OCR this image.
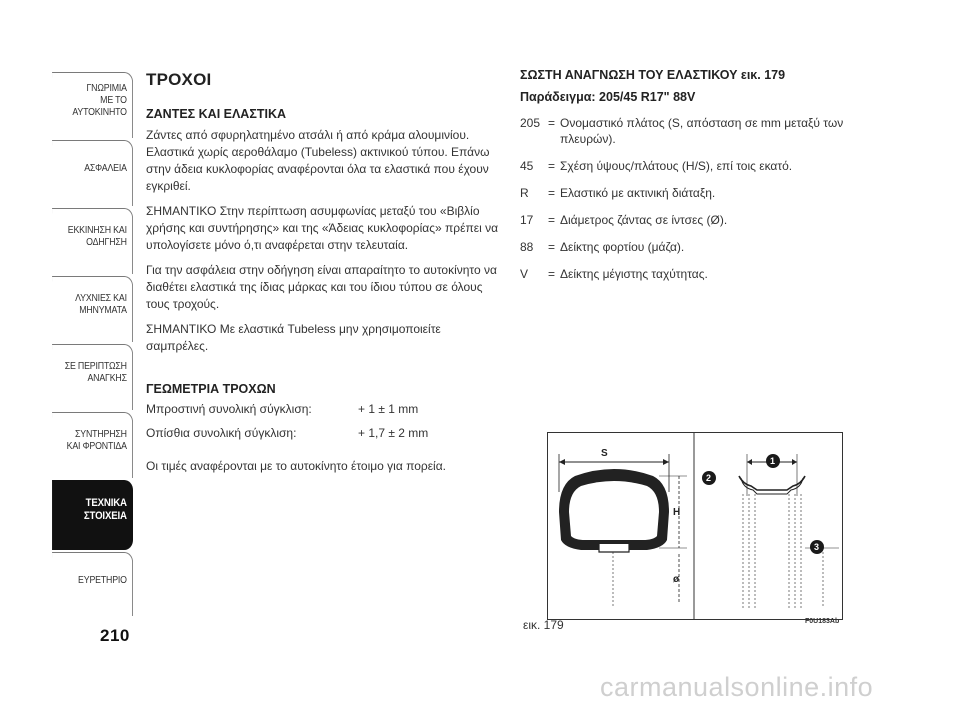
ΓΝΩΡΙΜΙΑ
ΜΕ ΤΟ
ΑΥΤΟΚΙΝΗΤΟ
ΑΣΦΑΛΕΙΑ
ΕΚΚΙΝΗΣΗ ΚΑΙ
ΟΔΗΓΗΣΗ
ΛΥΧΝΙΕΣ ΚΑΙ
ΜΗΝΥΜΑΤΑ
ΣΕ ΠΕΡΙΠΤΩΣΗ
ΑΝΑΓΚΗΣ
ΣΥΝΤΗΡΗΣΗ
ΚΑΙ ΦΡΟΝΤΙΔΑ
ΤΕΧΝΙΚΑ
ΣΤΟΙΧΕΙΑ
ΕΥΡΕΤΗΡΙΟ
210
ΤΡΟΧΟΙ
ΖΑΝΤΕΣ ΚΑΙ ΕΛΑΣΤΙΚΑ

Ζάντες από σφυρηλατημένο ατσάλι ή από κράμα αλουμινίου. Ελαστικά χωρίς αεροθάλαμο (Tubeless) ακτινικού τύπου. Επάνω στην άδεια κυκλοφορίας αναφέρονται όλα τα ελαστικά που έχουν εγκριθεί.

ΣΗΜΑΝΤΙΚΟ Στην περίπτωση ασυμφωνίας μεταξύ του «Βιβλίο χρήσης και συντήρησης» και της «Άδειας κυκλοφορίας» πρέπει να υπολογίσετε μόνο ό,τι αναφέρεται στην τελευταία.

Για την ασφάλεια στην οδήγηση είναι απαραίτητο το αυτοκίνητο να διαθέτει ελαστικά της ίδιας μάρκας και του ίδιου τύπου σε όλους τους τροχούς.

ΣΗΜΑΝΤΙΚΟ Με ελαστικά Tubeless μην χρησιμοποιείτε σαμπρέλες.

ΓΕΩΜΕΤΡΙΑ ΤΡΟΧΩΝ
Μπροστινή συνολική σύγκλιση:	+ 1 ± 1 mm
Οπίσθια συνολική σύγκλιση:	+ 1,7 ± 2 mm

Οι τιμές αναφέρονται με το αυτοκίνητο έτοιμο για πορεία.

ΣΩΣΤΗ ΑΝΑΓΝΩΣΗ ΤΟΥ ΕΛΑΣΤΙΚΟΥ εικ. 179
Παράδειγμα: 205/45 R17" 88V
205 = Ονομαστικό πλάτος (S, απόσταση σε mm μεταξύ των πλευρών).
45	= Σχέση ύψους/πλάτους (H/S), επί τοις εκατό.
R	= Ελαστικό με ακτινική διάταξη.
17	= Διάμετρος ζάντας σε ίντσες (Ø).
88	= Δείκτης φορτίου (μάζα).
V	= Δείκτης μέγιστης ταχύτητας.
S
H
ø
1
2
3
εικ. 179	F0U183Ab
carmanualsonline.info
